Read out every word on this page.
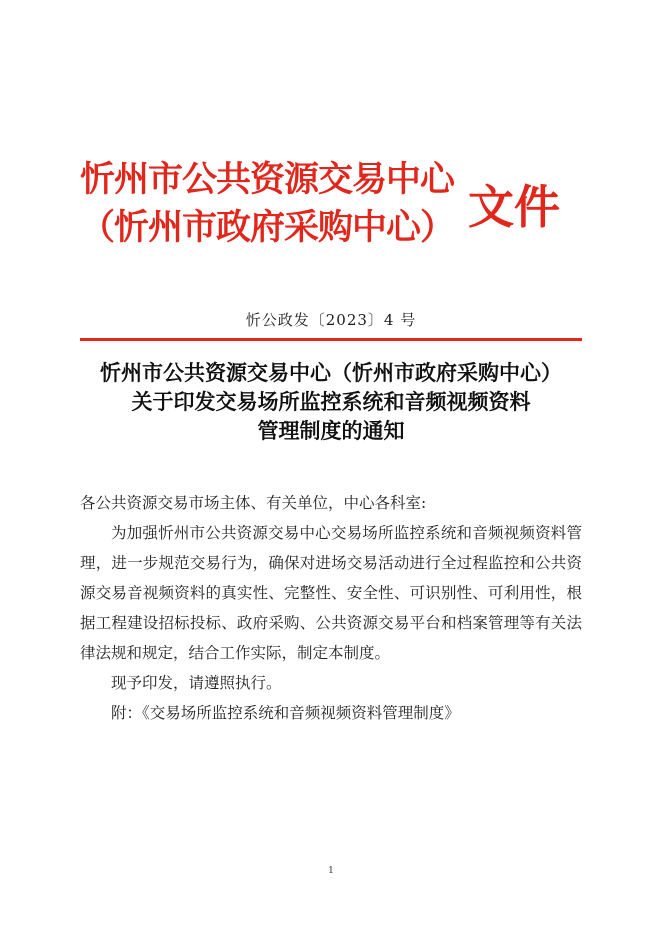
忻州市公共资源交易中心
（忻州市政府采购中心） 文件
忻公政发〔2023〕4 号
忻州市公共资源交易中心（忻州市政府采购中心）
关于印发交易场所监控系统和音频视频资料
管理制度的通知
各公共资源交易市场主体、有关单位，中心各科室:
为加强忻州市公共资源交易中心交易场所监控系统和音频视频资料管理，进一步规范交易行为，确保对进场交易活动进行全过程监控和公共资源交易音视频资料的真实性、完整性、安全性、可识别性、可利用性，根据工程建设招标投标、政府采购、公共资源交易平台和档案管理等有关法律法规和规定，结合工作实际，制定本制度。
现予印发，请遵照执行。
附：《交易场所监控系统和音频视频资料管理制度》
1
